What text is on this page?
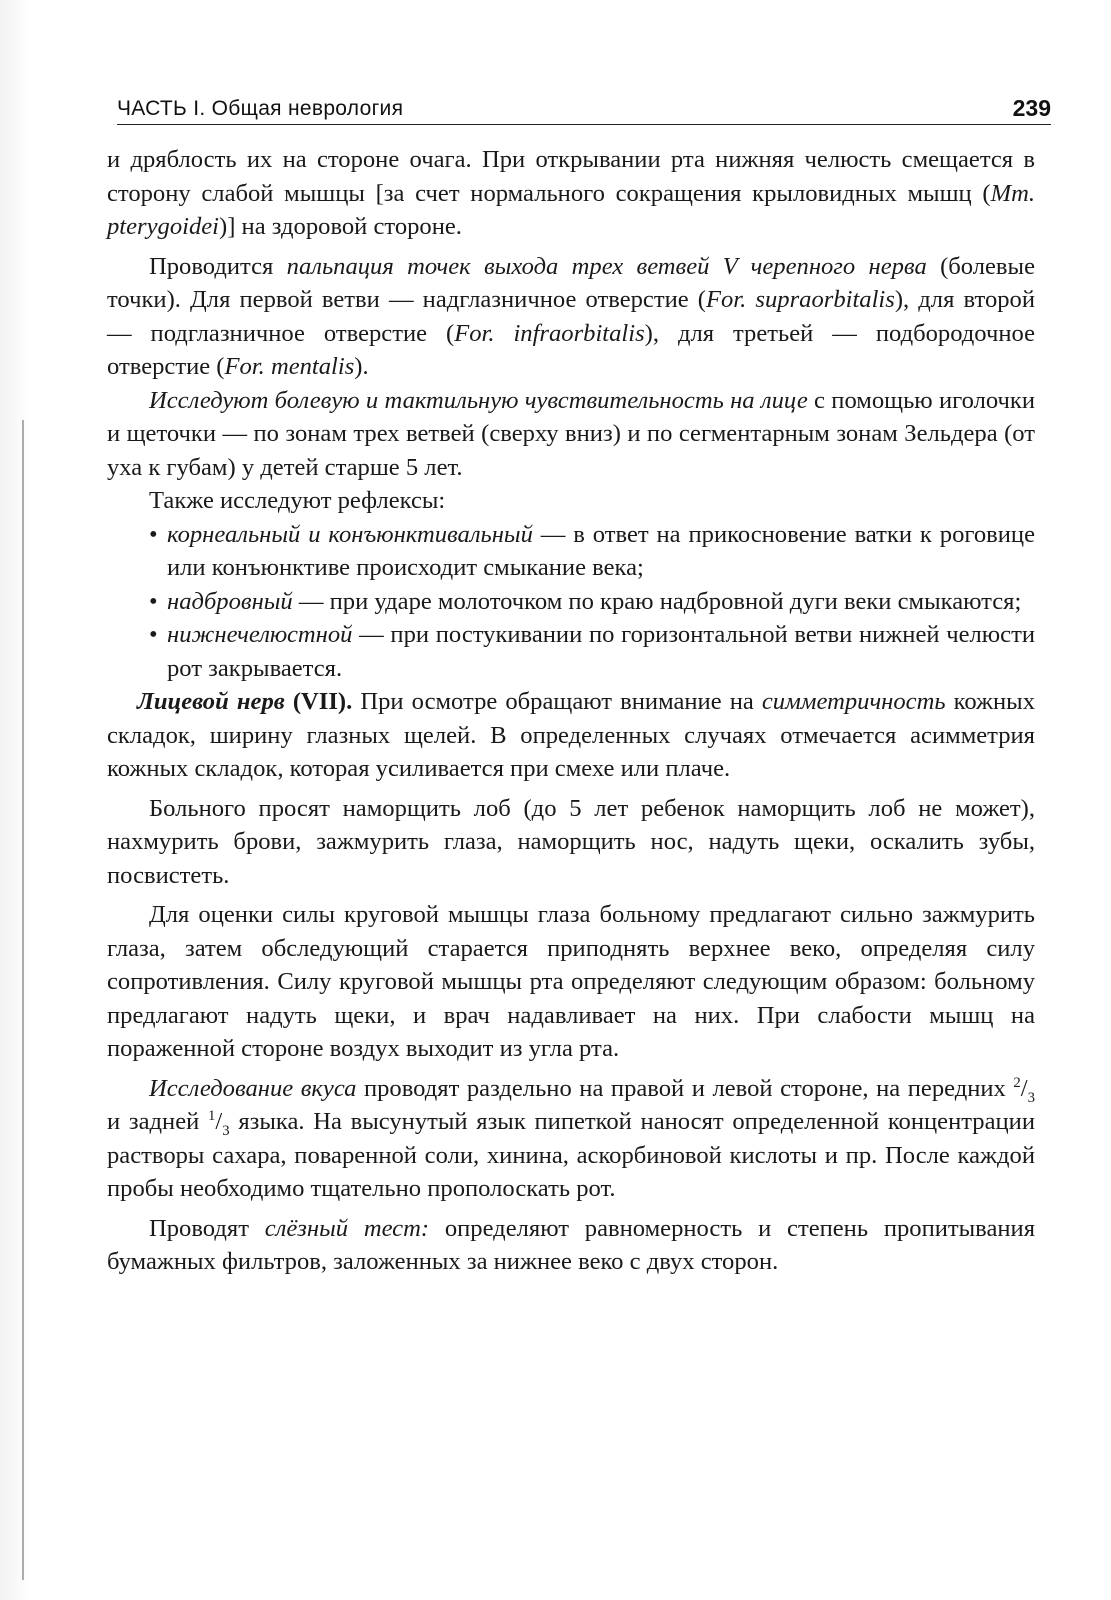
ЧАСТЬ I. Общая неврология	239

и дряблость их на стороне очага. При открывании рта нижняя челюсть смещается в сторону слабой мышцы [за счет нормального сокращения крыловидных мышц (Mm. pterygoidei)] на здоровой стороне.

Проводится пальпация точек выхода трех ветвей V черепного нерва (болевые точки). Для первой ветви — надглазничное отверстие (For. supraorbitalis), для второй — подглазничное отверстие (For. infraorbitalis), для третьей — подбородочное отверстие (For. mentalis).

Исследуют болевую и тактильную чувствительность на лице с помощью иголочки и щеточки — по зонам трех ветвей (сверху вниз) и по сегментарным зонам Зельдера (от уха к губам) у детей старше 5 лет.

Также исследуют рефлексы:

• корнеальный и конъюнктивальный — в ответ на прикосновение ватки к роговице или конъюнктиве происходит смыкание века;
• надбровный — при ударе молоточком по краю надбровной дуги веки смыкаются;
• нижнечелюстной — при постукивании по горизонтальной ветви нижней челюсти рот закрывается.

Лицевой нерв (VII). При осмотре обращают внимание на симметричность кожных складок, ширину глазных щелей. В определенных случаях отмечается асимметрия кожных складок, которая усиливается при смехе или плаче.

Больного просят наморщить лоб (до 5 лет ребенок наморщить лоб не может), нахмурить брови, зажмурить глаза, наморщить нос, надуть щеки, оскалить зубы, посвистеть.

Для оценки силы круговой мышцы глаза больному предлагают сильно зажмурить глаза, затем обследующий старается приподнять верхнее веко, определяя силу сопротивления. Силу круговой мышцы рта определяют следующим образом: больному предлагают надуть щеки, и врач надавливает на них. При слабости мышц на пораженной стороне воздух выходит из угла рта.

Исследование вкуса проводят раздельно на правой и левой стороне, на передних $^2/_3$ и задней $^1/_3$ языка. На высунутый язык пипеткой наносят определенной концентрации растворы сахара, поваренной соли, хинина, аскорбиновой кислоты и пр. После каждой пробы необходимо тщательно прополоскать рот.

Проводят слёзный тест: определяют равномерность и степень пропитывания бумажных фильтров, заложенных за нижнее веко с двух сторон.
